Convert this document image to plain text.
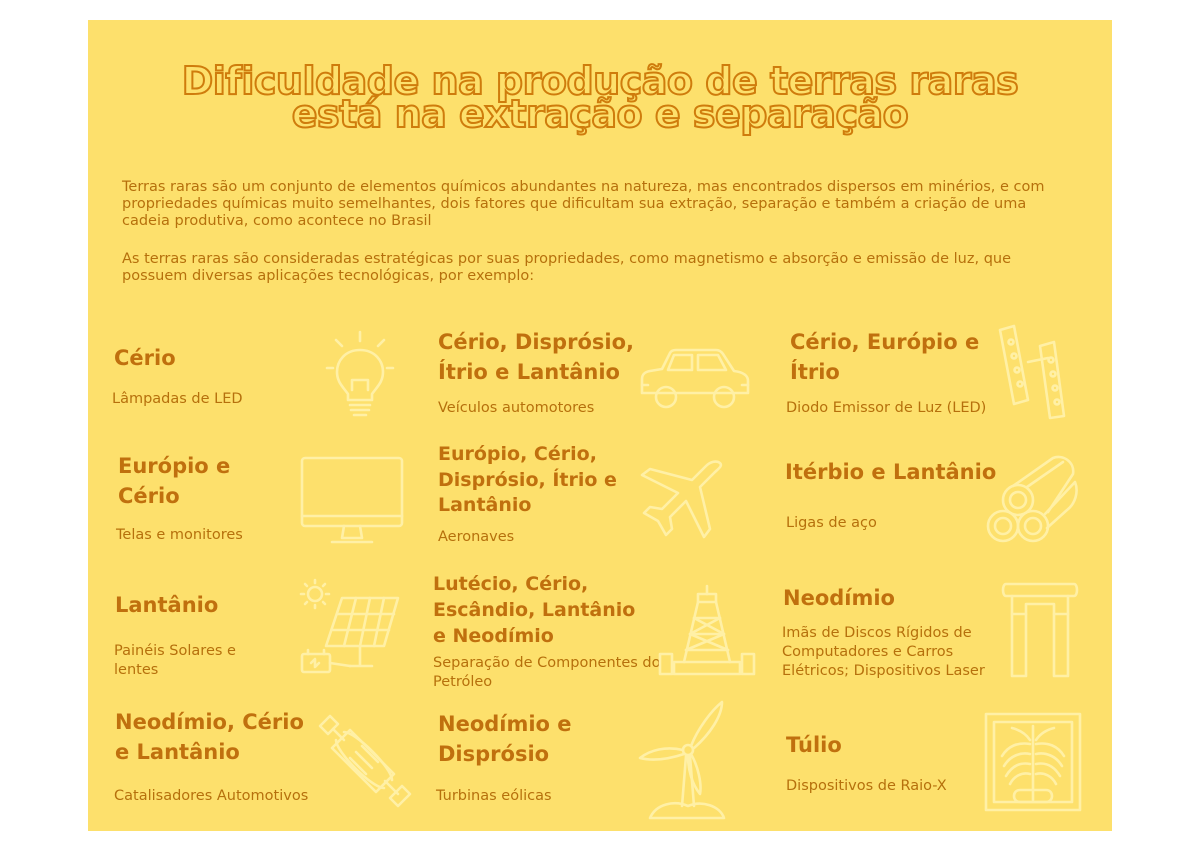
Dificuldade na produção de terras raras
está na extração e separação

Terras raras são um conjunto de elementos químicos abundantes na natureza, mas encontrados dispersos em minérios, e com propriedades químicas muito semelhantes, dois fatores que dificultam sua extração, separação e também a criação de uma cadeia produtiva, como acontece no Brasil

As terras raras são consideradas estratégicas por suas propriedades, como magnetismo e absorção e emissão de luz, que possuem diversas aplicações tecnológicas, por exemplo:

Cério

Lâmpadas de LED

Cério, Disprósio, Ítrio e Lantânio

Veículos automotores

Cério, Európio e Ítrio

Diodo Emissor de Luz (LED)

Európio e Cério

Telas e monitores

Európio, Cério, Disprósio, Ítrio e Lantânio

Aeronaves

Itérbio e Lantânio

Ligas de aço

Lantânio

Painéis Solares e lentes

Lutécio, Cério, Escândio, Lantânio e Neodímio

Separação de Componentes do Petróleo

Neodímio

Imãs de Discos Rígidos de Computadores e Carros Elétricos; Dispositivos Laser

Neodímio, Cério e Lantânio

Catalisadores Automotivos

Neodímio e Disprósio

Turbinas eólicas

Túlio

Dispositivos de Raio-X
